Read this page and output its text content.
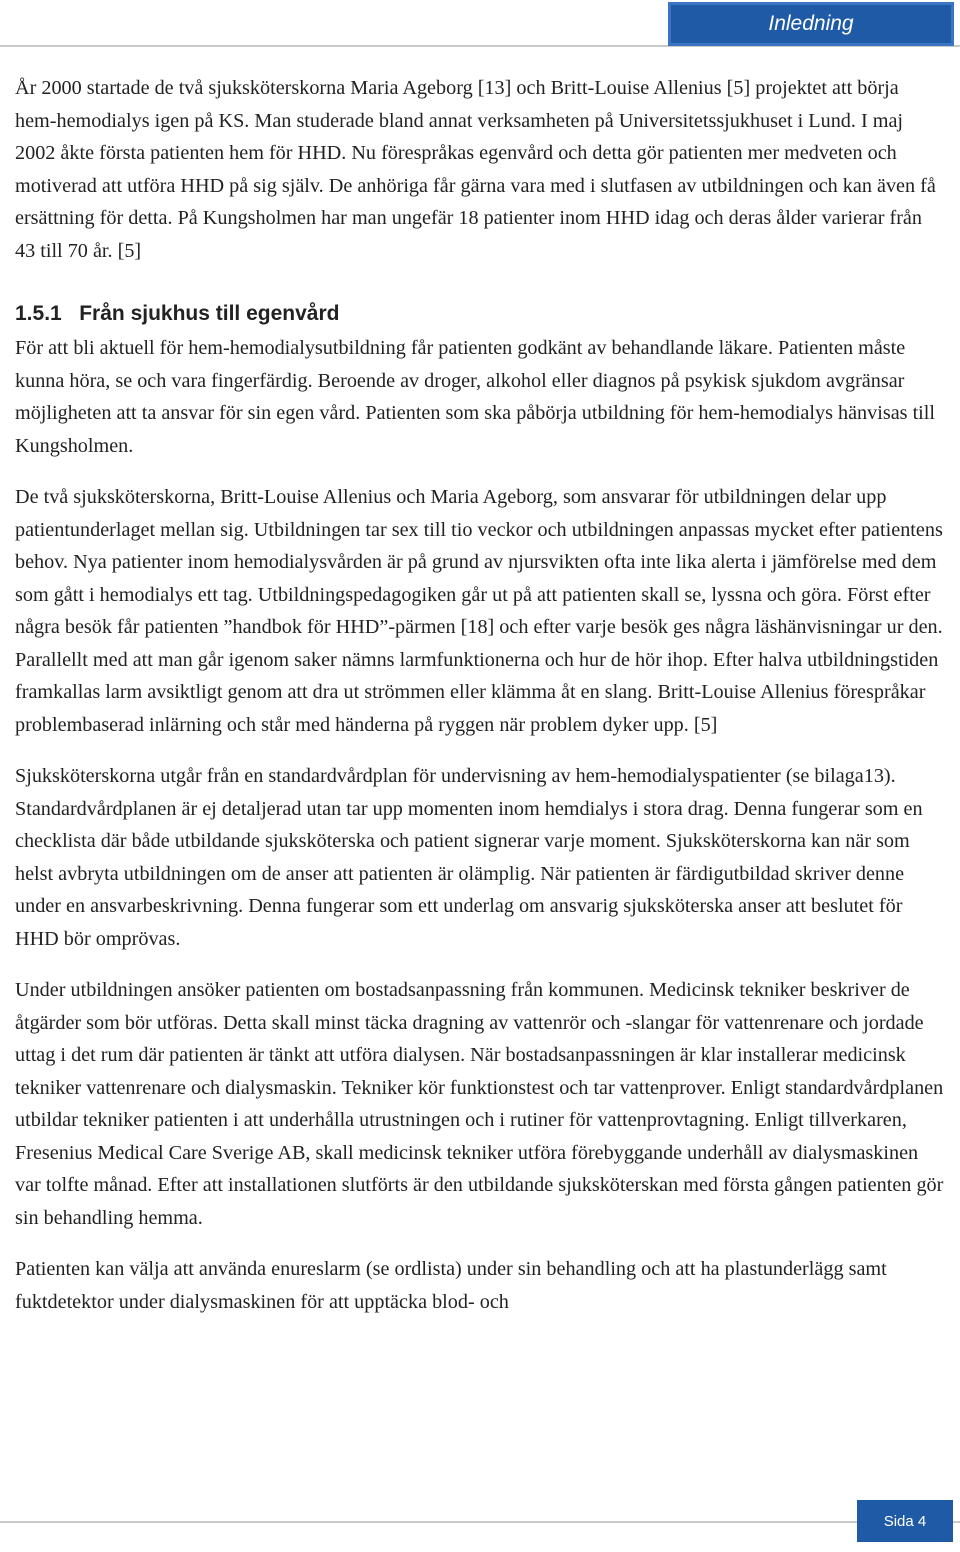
Inledning

År 2000 startade de två sjuksköterskorna Maria Ageborg [13] och Britt-Louise Allenius [5] projektet att börja hem-hemodialys igen på KS. Man studerade bland annat verksamheten på Universitetssjukhuset i Lund. I maj 2002 åkte första patienten hem för HHD. Nu förespråkas egenvård och detta gör patienten mer medveten och motiverad att utföra HHD på sig själv. De anhöriga får gärna vara med i slutfasen av utbildningen och kan även få ersättning för detta. På Kungsholmen har man ungefär 18 patienter inom HHD idag och deras ålder varierar från 43 till 70 år. [5]

1.5.1 Från sjukhus till egenvård

För att bli aktuell för hem-hemodialysutbildning får patienten godkänt av behandlande läkare. Patienten måste kunna höra, se och vara fingerfärdig. Beroende av droger, alkohol eller diagnos på psykisk sjukdom avgränsar möjligheten att ta ansvar för sin egen vård. Patienten som ska påbörja utbildning för hem-hemodialys hänvisas till Kungsholmen.

De två sjuksköterskorna, Britt-Louise Allenius och Maria Ageborg, som ansvarar för utbildningen delar upp patientunderlaget mellan sig. Utbildningen tar sex till tio veckor och utbildningen anpassas mycket efter patientens behov. Nya patienter inom hemodialysvården är på grund av njursvikten ofta inte lika alerta i jämförelse med dem som gått i hemodialys ett tag. Utbildningspedagogiken går ut på att patienten skall se, lyssna och göra. Först efter några besök får patienten ”handbok för HHD”-pärmen [18] och efter varje besök ges några läshänvisningar ur den. Parallellt med att man går igenom saker nämns larmfunktionerna och hur de hör ihop. Efter halva utbildningstiden framkallas larm avsiktligt genom att dra ut strömmen eller klämma åt en slang. Britt-Louise Allenius förespråkar problembaserad inlärning och står med händerna på ryggen när problem dyker upp. [5]

Sjuksköterskorna utgår från en standardvårdplan för undervisning av hem-hemodialyspatienter (se bilaga13). Standardvårdplanen är ej detaljerad utan tar upp momenten inom hemdialys i stora drag. Denna fungerar som en checklista där både utbildande sjuksköterska och patient signerar varje moment. Sjuksköterskorna kan när som helst avbryta utbildningen om de anser att patienten är olämplig. När patienten är färdigutbildad skriver denne under en ansvarbeskrivning. Denna fungerar som ett underlag om ansvarig sjuksköterska anser att beslutet för HHD bör omprövas.

Under utbildningen ansöker patienten om bostadsanpassning från kommunen. Medicinsk tekniker beskriver de åtgärder som bör utföras. Detta skall minst täcka dragning av vattenrör och -slangar för vattenrenare och jordade uttag i det rum där patienten är tänkt att utföra dialysen. När bostadsanpassningen är klar installerar medicinsk tekniker vattenrenare och dialysmaskin. Tekniker kör funktionstest och tar vattenprover. Enligt standardvårdplanen utbildar tekniker patienten i att underhålla utrustningen och i rutiner för vattenprovtagning. Enligt tillverkaren, Fresenius Medical Care Sverige AB, skall medicinsk tekniker utföra förebyggande underhåll av dialysmaskinen var tolfte månad. Efter att installationen slutförts är den utbildande sjuksköterskan med första gången patienten gör sin behandling hemma.

Patienten kan välja att använda enureslarm (se ordlista) under sin behandling och att ha plastunderlägg samt fuktdetektor under dialysmaskinen för att upptäcka blod- och

Sida 4
